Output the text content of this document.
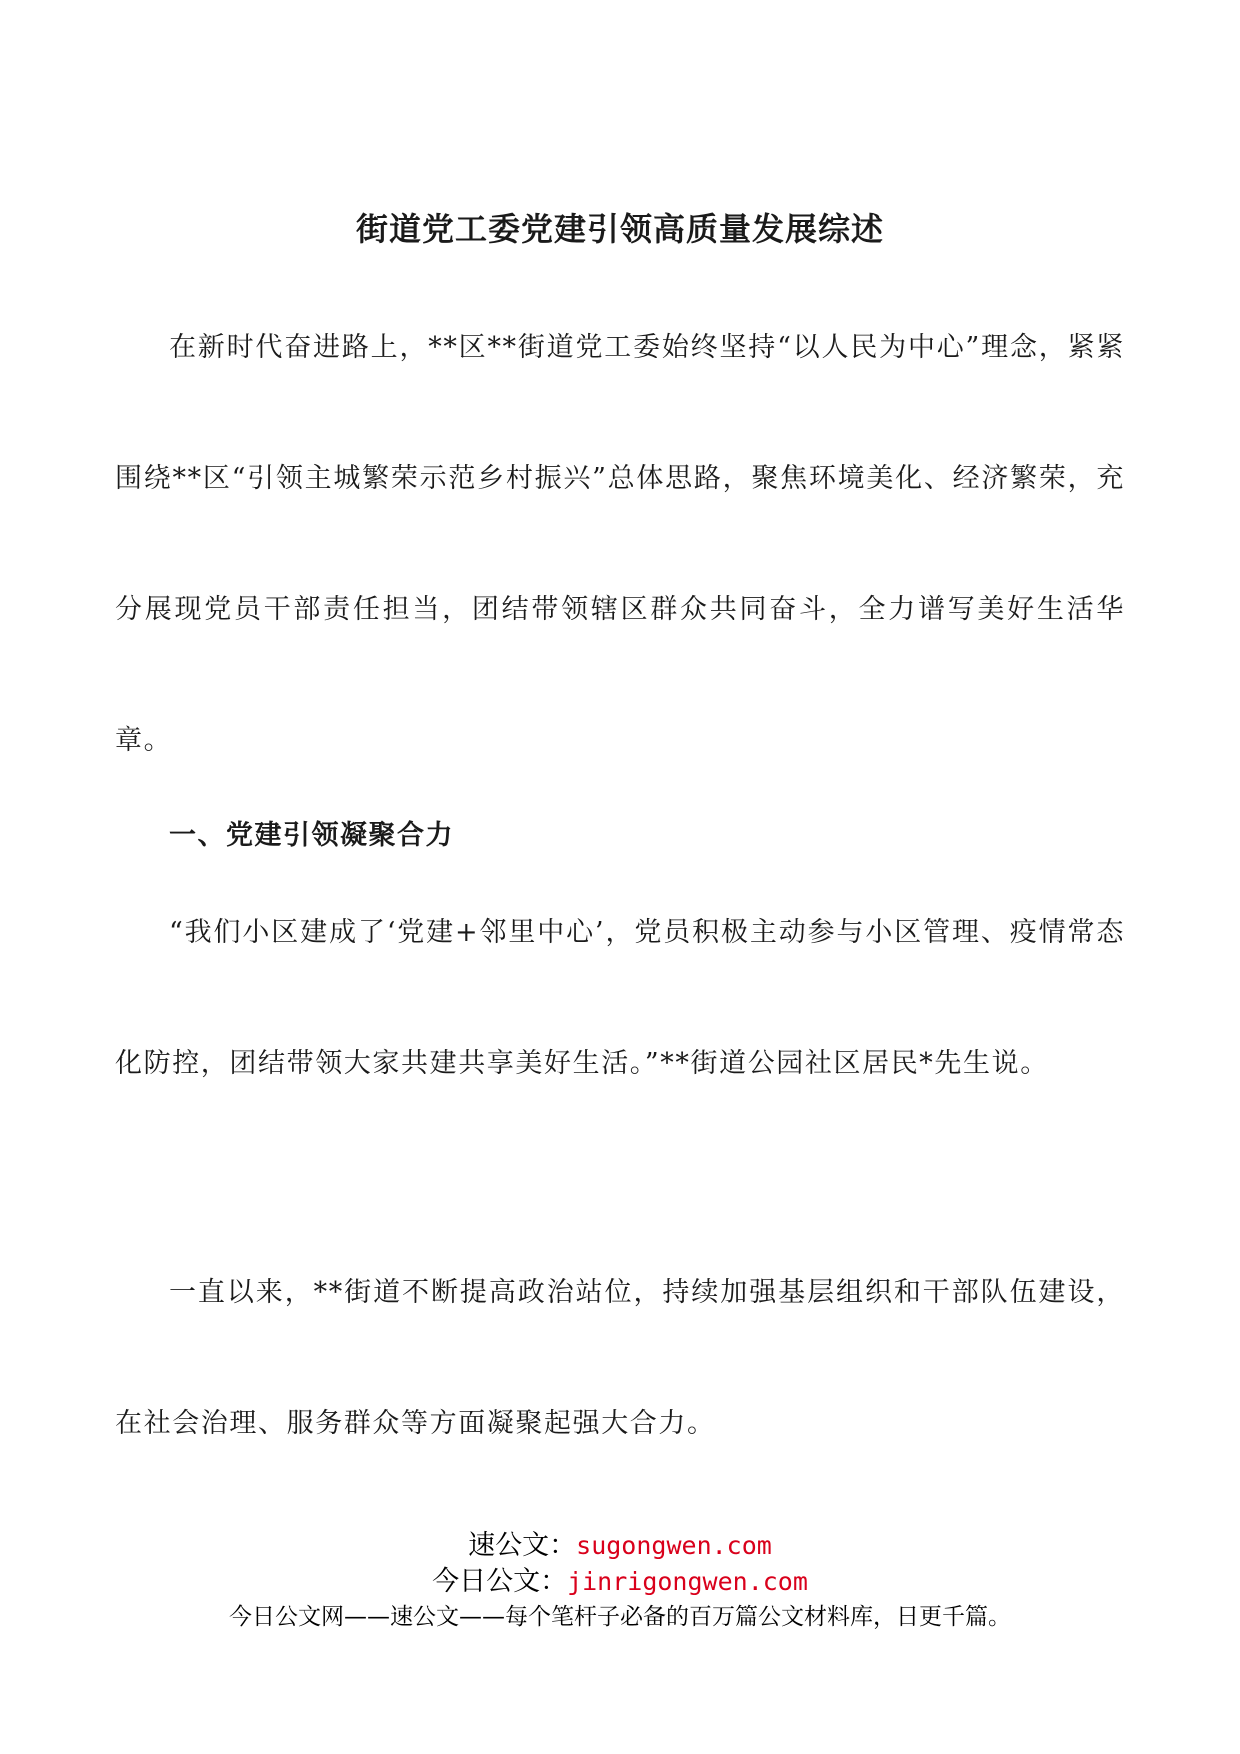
街道党工委党建引领高质量发展综述

在新时代奋进路上，**区**街道党工委始终坚持“以人民为中心”理念，紧紧围绕**区“引领主城繁荣示范乡村振兴”总体思路，聚焦环境美化、经济繁荣，充分展现党员干部责任担当，团结带领辖区群众共同奋斗，全力谱写美好生活华章。

一、党建引领凝聚合力

“我们小区建成了‘党建+邻里中心’，党员积极主动参与小区管理、疫情常态化防控，团结带领大家共建共享美好生活。”**街道公园社区居民*先生说。

一直以来，**街道不断提高政治站位，持续加强基层组织和干部队伍建设，在社会治理、服务群众等方面凝聚起强大合力。

速公文：sugongwen.com
今日公文：jinrigongwen.com
今日公文网——速公文——每个笔杆子必备的百万篇公文材料库，日更千篇。
